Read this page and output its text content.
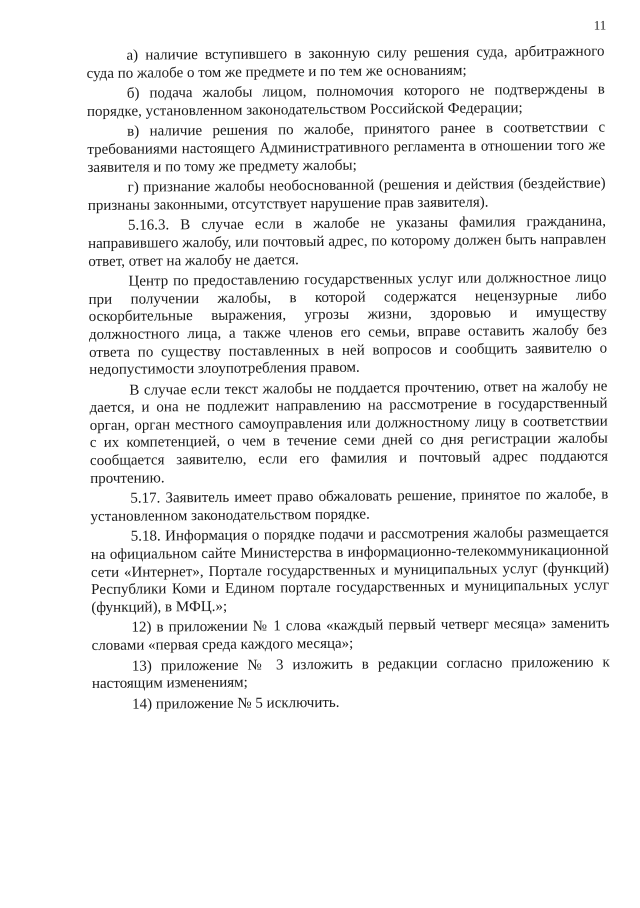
11

а) наличие вступившего в законную силу решения суда, арбитражного суда по жалобе о том же предмете и по тем же основаниям;

б) подача жалобы лицом, полномочия которого не подтверждены в порядке, установленном законодательством Российской Федерации;

в) наличие решения по жалобе, принятого ранее в соответствии с требованиями настоящего Административного регламента в отношении того же заявителя и по тому же предмету жалобы;

г) признание жалобы необоснованной (решения и действия (бездействие) признаны законными, отсутствует нарушение прав заявителя).

5.16.3. В случае если в жалобе не указаны фамилия гражданина, направившего жалобу, или почтовый адрес, по которому должен быть направлен ответ, ответ на жалобу не дается.

Центр по предоставлению государственных услуг или должностное лицо при получении жалобы, в которой содержатся нецензурные либо оскорбительные выражения, угрозы жизни, здоровью и имуществу должностного лица, а также членов его семьи, вправе оставить жалобу без ответа по существу поставленных в ней вопросов и сообщить заявителю о недопустимости злоупотребления правом.

В случае если текст жалобы не поддается прочтению, ответ на жалобу не дается, и она не подлежит направлению на рассмотрение в государственный орган, орган местного самоуправления или должностному лицу в соответствии с их компетенцией, о чем в течение семи дней со дня регистрации жалобы сообщается заявителю, если его фамилия и почтовый адрес поддаются прочтению.

5.17. Заявитель имеет право обжаловать решение, принятое по жалобе, в установленном законодательством порядке.

5.18. Информация о порядке подачи и рассмотрения жалобы размещается на официальном сайте Министерства в информационно-телекоммуникационной сети «Интернет», Портале государственных и муниципальных услуг (функций) Республики Коми и Едином портале государственных и муниципальных услуг (функций), в МФЦ.»;

12) в приложении № 1 слова «каждый первый четверг месяца» заменить словами «первая среда каждого месяца»;

13) приложение № 3 изложить в редакции согласно приложению к настоящим изменениям;

14) приложение № 5 исключить.
